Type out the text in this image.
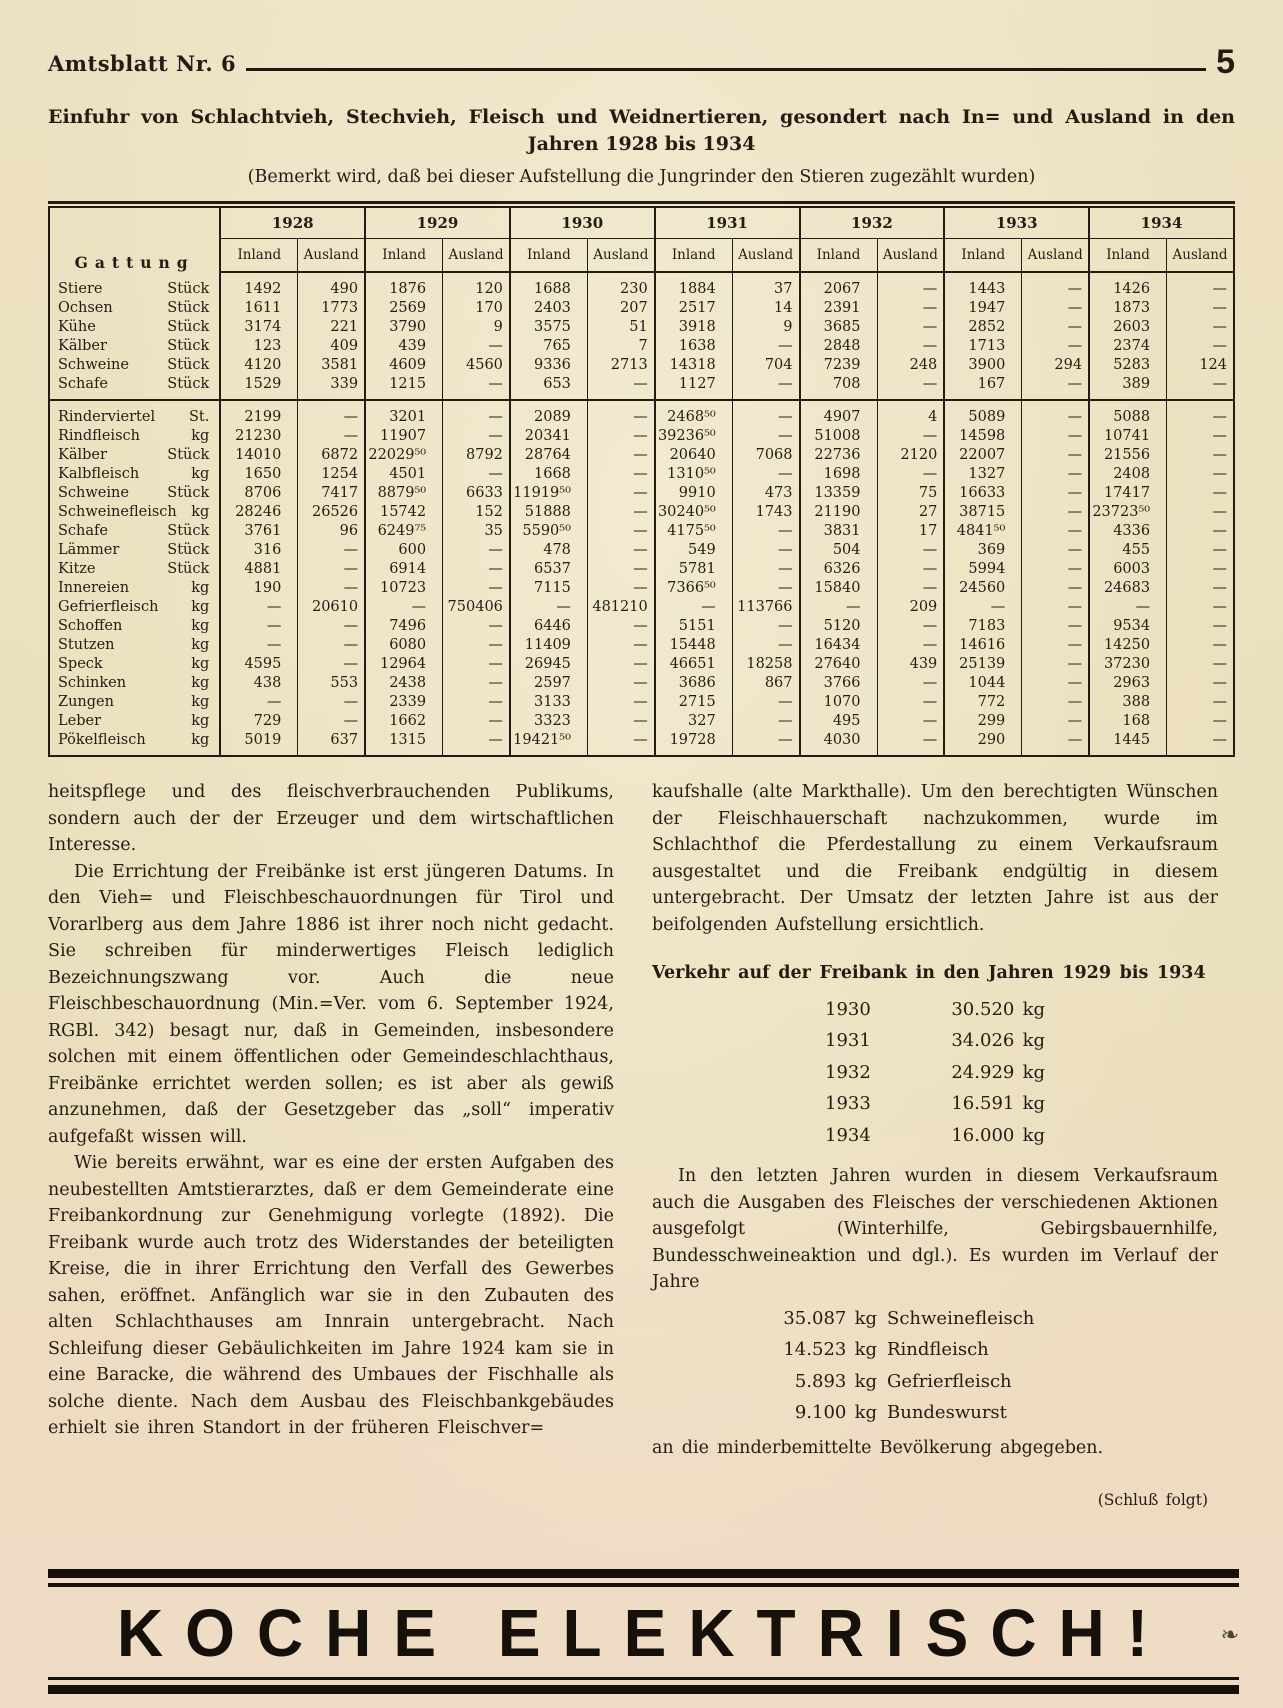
Amtsblatt Nr. 6	5
Einfuhr von Schlachtvieh, Stechvieh, Fleisch und Weidnertieren, gesondert nach In= und Ausland in den
Jahren 1928 bis 1934
(Bemerkt wird, daß bei dieser Aufstellung die Jungrinder den Stieren zugezählt wurden)
Gattung	1928		1929		1930		1931		1932		1933		1934	
	Inland	Ausland	Inland	Ausland	Inland	Ausland	Inland	Ausland	Inland	Ausland	Inland	Ausland	Inland	Ausland

Stiere Stück	1492	490	1876	120	1688	230	1884	37	2067	—	1443	—	1426	—

Ochsen Stück	1611	1773	2569	170	2403	207	2517	14	2391	—	1947	—	1873	—

Kühe Stück	3174	221	3790	9	3575	51	3918	9	3685	—	2852	—	2603	—

Kälber Stück	123	409	439	—	765	7	1638	—	2848	—	1713	—	2374	—

Schweine Stück	4120	3581	4609	4560	9336	2713	14318	704	7239	248	3900	294	5283	124

Schafe Stück	1529	339	1215	—	653	—	1127	—	708	—	167	—	389	—

Rinderviertel St.	2199	—	3201	—	2089	—	2468⁵⁰	—	4907	4	5089	—	5088	—

Rindfleisch kg	21230	—	11907	—	20341	—	39236⁵⁰	—	51008	—	14598	—	10741	—

Kälber Stück	14010	6872	22029⁵⁰	8792	28764	—	20640	7068	22736	2120	22007	—	21556	—

Kalbfleisch kg	1650	1254	4501	—	1668	—	1310⁵⁰	—	1698	—	1327	—	2408	—

Schweine Stück	8706	7417	8879⁵⁰	6633	11919⁵⁰	—	9910	473	13359	75	16633	—	17417	—

Schweinefleisch kg	28246	26526	15742	152	51888	—	30240⁵⁰	1743	21190	27	38715	—	23723⁵⁰	—

Schafe Stück	3761	96	6249⁷⁵	35	5590⁵⁰	—	4175⁵⁰	—	3831	17	4841⁵⁰	—	4336	—

Lämmer Stück	316	—	600	—	478	—	549	—	504	—	369	—	455	—

Kitze Stück	4881	—	6914	—	6537	—	5781	—	6326	—	5994	—	6003	—

Innereien kg	190	—	10723	—	7115	—	7366⁵⁰	—	15840	—	24560	—	24683	—

Gefrierfleisch kg	—	20610	—	750406	—	481210	—	113766	—	209	—	—	—	—

Schoffen kg	—	—	7496	—	6446	—	5151	—	5120	—	7183	—	9534	—

Stutzen kg	—	—	6080	—	11409	—	15448	—	16434	—	14616	—	14250	—

Speck kg	4595	—	12964	—	26945	—	46651	18258	27640	439	25139	—	37230	—

Schinken kg	438	553	2438	—	2597	—	3686	867	3766	—	1044	—	2963	—

Zungen kg	—	—	2339	—	3133	—	2715	—	1070	—	772	—	388	—

Leber kg	729	—	1662	—	3323	—	327	—	495	—	299	—	168	—

Pökelfleisch kg	5019	637	1315	—	19421⁵⁰	—	19728	—	4030	—	290	—	1445	—

heitspflege und des fleischverbrauchenden Publikums, sondern auch der der Erzeuger und dem wirtschaftlichen Interesse.

Die Errichtung der Freibänke ist erst jüngeren Datums. In den Vieh= und Fleischbeschauordnungen für Tirol und Vorarlberg aus dem Jahre 1886 ist ihrer noch nicht gedacht. Sie schreiben für minderwertiges Fleisch lediglich Bezeichnungszwang vor. Auch die neue Fleischbeschauordnung (Min.=Ver. vom 6. September 1924, RGBl. 342) besagt nur, daß in Gemeinden, insbesondere solchen mit einem öffentlichen oder Gemeindeschlachthaus, Freibänke errichtet werden sollen; es ist aber als gewiß anzunehmen, daß der Gesetzgeber das „soll“ imperativ aufgefaßt wissen will.

Wie bereits erwähnt, war es eine der ersten Aufgaben des neubestellten Amtstierarztes, daß er dem Gemeinderate eine Freibankordnung zur Genehmigung vorlegte (1892). Die Freibank wurde auch trotz des Widerstandes der beteiligten Kreise, die in ihrer Errichtung den Verfall des Gewerbes sahen, eröffnet. Anfänglich war sie in den Zubauten des alten Schlachthauses am Innrain untergebracht. Nach Schleifung dieser Gebäulichkeiten im Jahre 1924 kam sie in eine Baracke, die während des Umbaues der Fischhalle als solche diente. Nach dem Ausbau des Fleischbankgebäudes erhielt sie ihren Standort in der früheren Fleischver=

kaufshalle (alte Markthalle). Um den berechtigten Wünschen der Fleischhauerschaft nachzukommen, wurde im Schlachthof die Pferdestallung zu einem Verkaufsraum ausgestaltet und die Freibank endgültig in diesem untergebracht. Der Umsatz der letzten Jahre ist aus der beifolgenden Aufstellung ersichtlich.

Verkehr auf der Freibank in den Jahren 1929 bis 1934
1930	30.520 kg
1931	34.026 kg
1932	24.929 kg
1933	16.591 kg
1934	16.000 kg

In den letzten Jahren wurden in diesem Verkaufsraum auch die Ausgaben des Fleisches der verschiedenen Aktionen ausgefolgt (Winterhilfe, Gebirgsbauernhilfe, Bundesschweineaktion und dgl.). Es wurden im Verlauf der Jahre

35.087 kg Schweinefleisch
14.523 kg Rindfleisch
5.893 kg Gefrierfleisch
9.100 kg Bundeswurst

an die minderbemittelte Bevölkerung abgegeben.

(Schluß folgt)
KOCHE ELEKTRISCH! ❧
